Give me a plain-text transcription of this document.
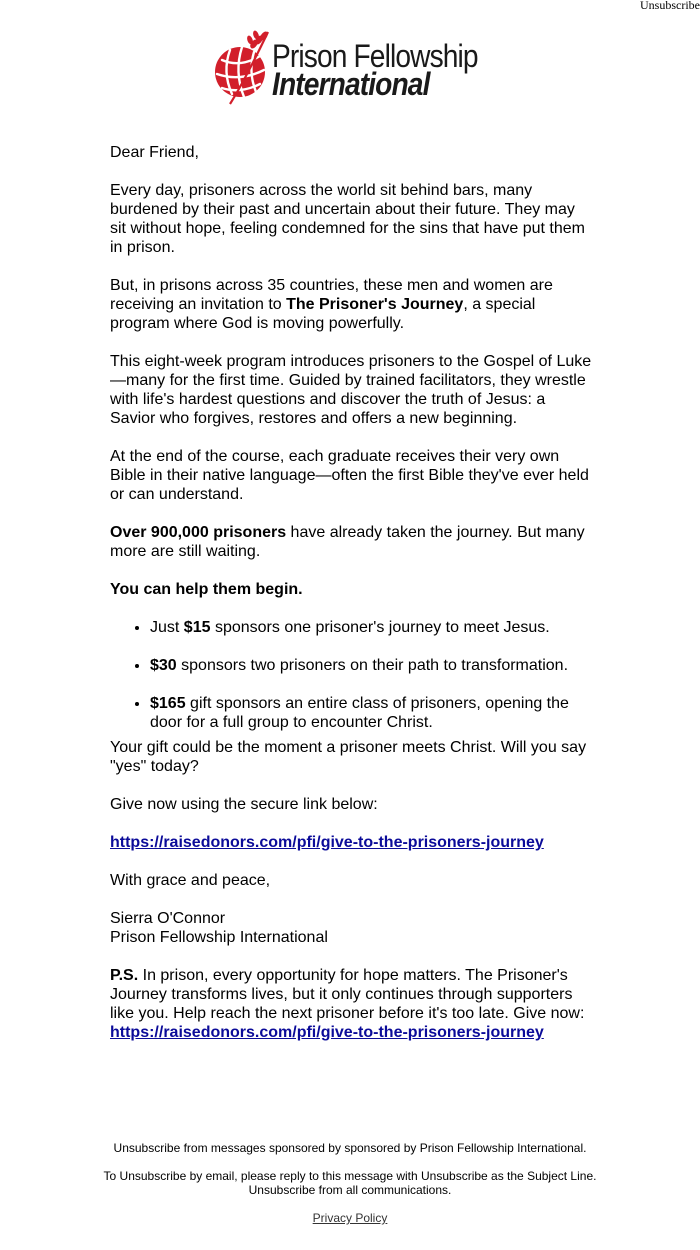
Unsubscribe
Prison Fellowship
International

Dear Friend,

Every day, prisoners across the world sit behind bars, many burdened by their past and uncertain about their future. They may sit without hope, feeling condemned for the sins that have put them in prison.

But, in prisons across 35 countries, these men and women are receiving an invitation to The Prisoner's Journey, a special program where God is moving powerfully.

This eight-week program introduces prisoners to the Gospel of Luke—many for the first time. Guided by trained facilitators, they wrestle with life's hardest questions and discover the truth of Jesus: a Savior who forgives, restores and offers a new beginning.

At the end of the course, each graduate receives their very own Bible in their native language—often the first Bible they've ever held or can understand.

Over 900,000 prisoners have already taken the journey. But many more are still waiting.

You can help them begin.

• Just $15 sponsors one prisoner's journey to meet Jesus.
• $30 sponsors two prisoners on their path to transformation.
• $165 gift sponsors an entire class of prisoners, opening the door for a full group to encounter Christ.

Your gift could be the moment a prisoner meets Christ. Will you say "yes" today?

Give now using the secure link below:

https://raisedonors.com/pfi/give-to-the-prisoners-journey

With grace and peace,

Sierra O'Connor
Prison Fellowship International

P.S. In prison, every opportunity for hope matters. The Prisoner's Journey transforms lives, but it only continues through supporters like you. Help reach the next prisoner before it's too late. Give now: https://raisedonors.com/pfi/give-to-the-prisoners-journey

Unsubscribe from messages sponsored by sponsored by Prison Fellowship International.

To Unsubscribe by email, please reply to this message with Unsubscribe as the Subject Line.
Unsubscribe from all communications.

Privacy Policy
